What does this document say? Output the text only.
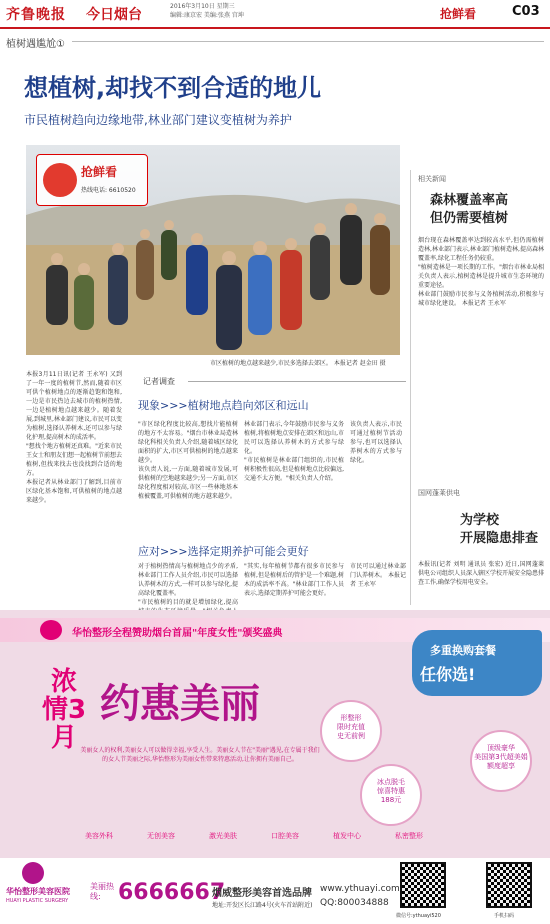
齐鲁晚报 今日烟台
2016年3月10日 星期三
编辑:康京宏 美编:张燕 宫坤	抢鲜看	C03
植树遇尴尬①
想植树,却找不到合适的地儿
市民植树趋向边缘地带,林业部门建议变植树为养护
抢鲜看
热线电话: 6610520
市区植树的地点越来越少,市民多选择去郊区。 本报记者 赵金田 摄
本报3月11日讯(记者 王永军) 又到了一年一度的植树节,然而,随着市区可供个植树地点的逐渐趋饱和饱和,一边是市民热边去城市的植树热情,一边是植树地点越来越少。随着发展,到城里,林业部门建议,市民可以变为植树,选择认养树木,还可以参与绿化护理,提高树木的成活率。
"想找个地方植树还真难。"近来市民王女士和朋友们想一起植树节前想去植树,但找来找去也没找到合适的地方。
本报记者从林业部门了解到,目前市区绿化基本饱和,可供植树的地点越来越少。
记者调查
现象>>>植树地点趋向郊区和远山
"市区绿化程度比较高,想找片能植树的地方不太容易。"烟台市林业局造林绿化科相关负责人介绍,随着城区绿化面积的扩大,市区可供植树的地点越来越少。
该负责人说,一方面,随着城市发展,可供植树的空地越来越少;另一方面,市区绿化程度相对较高,市区一些林地基本植被覆盖,可供植树的地方越来越少。
林业部门表示,今年鼓励市民参与义务植树,将植树地点安排在郊区和远山,市民可以选择认养树木的方式参与绿化。
"市民植树是林业部门组织的,市民植树积极性很高,但是植树地点比较偏远,交通不太方便。"相关负责人介绍。
该负责人表示,市民可通过植树节活动参与,也可以选择认养树木的方式参与绿化。
应对>>>选择定期养护可能会更好
对于植树热情高与植树地点少的矛盾,林业部门工作人员介绍,市民可以选择认养树木的方式,一样可以参与绿化,提高绿化覆盖率。
"市民植树的目的就是增加绿化,提高
"其实,每年植树节都有很多市民参与植树,但是植树后的管护是一个难题,树木的成活率不高。"林业部门工作人员表示,选择定期养护可能会更好。
市民可以通过林业部门认养树木。 本报记者 王永军
相关新闻
森林覆盖率高
但仍需要植树
烟台现在森林覆盖率达到较高水平,但仍需植树造林,林业部门表示,林业部门植树造林,提高森林覆盖率,绿化工程任务仍较重。
"植树造林是一项长期的工作。"烟台市林业局相关负责人表示,植树造林是提升城市生态环境的重要途径。
林业部门鼓励市民参与义务植树活动,积极参与城市绿化建设。 本报记者 王永军
国网蓬莱供电
为学校
开展隐患排查
本报讯(记者 刘明 通讯员 张宏) 近日,国网蓬莱供电公司组织人员深入辖区学校开展安全隐患排查工作,确保学校用电安全。
华怡整形全程赞助烟台首届"年度女性"颁奖盛典
浓情3月
约惠美丽
多重换购套餐
任你选!
美丽女人的权利,美丽女人可以做得幸福,享受人生。美丽女人节在"美丽"遇见,在专属于我们的女人节美丽之际,华怡整形为美丽女性带来特惠活动,让你拥有美丽自己。
形整形
限时充值
史无前例
冰点脱毛
惊喜特惠
188元
顶级豪华
美国第3代超美娟
额度超享
美容外科	无创美容	激光美肤	口腔美容	植发中心	私密整形
华怡整形美容医院
HUAYI PLASTIC SURGERY
美丽热线: 6666667
烟威整形美容首选品牌
地址:开发区长江路4号(火车首站附近)
www.ythuayi.com
QQ:800034888
微信号:ythuayi520	手机扫码
